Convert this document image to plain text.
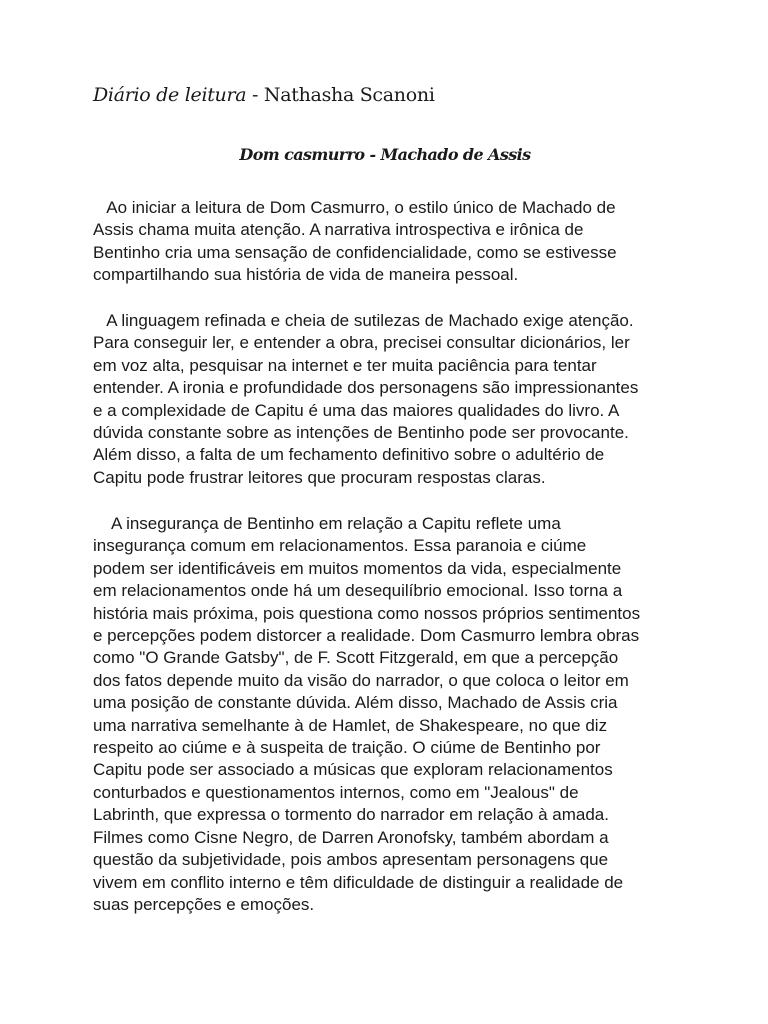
Diário de leitura - Nathasha Scanoni
Dom casmurro - Machado de Assis
Ao iniciar a leitura de Dom Casmurro, o estilo único de Machado de
Assis chama muita atenção. A narrativa introspectiva e irônica de
Bentinho cria uma sensação de confidencialidade, como se estivesse
compartilhando sua história de vida de maneira pessoal.
A linguagem refinada e cheia de sutilezas de Machado exige atenção.
Para conseguir ler, e entender a obra, precisei consultar dicionários, ler
em voz alta, pesquisar na internet e ter muita paciência para tentar
entender. A ironia e profundidade dos personagens são impressionantes
e a complexidade de Capitu é uma das maiores qualidades do livro. A
dúvida constante sobre as intenções de Bentinho pode ser provocante.
Além disso, a falta de um fechamento definitivo sobre o adultério de
Capitu pode frustrar leitores que procuram respostas claras.
A insegurança de Bentinho em relação a Capitu reflete uma
insegurança comum em relacionamentos. Essa paranoia e ciúme
podem ser identificáveis em muitos momentos da vida, especialmente
em relacionamentos onde há um desequilíbrio emocional. Isso torna a
história mais próxima, pois questiona como nossos próprios sentimentos
e percepções podem distorcer a realidade. Dom Casmurro lembra obras
como "O Grande Gatsby", de F. Scott Fitzgerald, em que a percepção
dos fatos depende muito da visão do narrador, o que coloca o leitor em
uma posição de constante dúvida. Além disso, Machado de Assis cria
uma narrativa semelhante à de Hamlet, de Shakespeare, no que diz
respeito ao ciúme e à suspeita de traição. O ciúme de Bentinho por
Capitu pode ser associado a músicas que exploram relacionamentos
conturbados e questionamentos internos, como em "Jealous" de
Labrinth, que expressa o tormento do narrador em relação à amada.
Filmes como Cisne Negro, de Darren Aronofsky, também abordam a
questão da subjetividade, pois ambos apresentam personagens que
vivem em conflito interno e têm dificuldade de distinguir a realidade de
suas percepções e emoções.
